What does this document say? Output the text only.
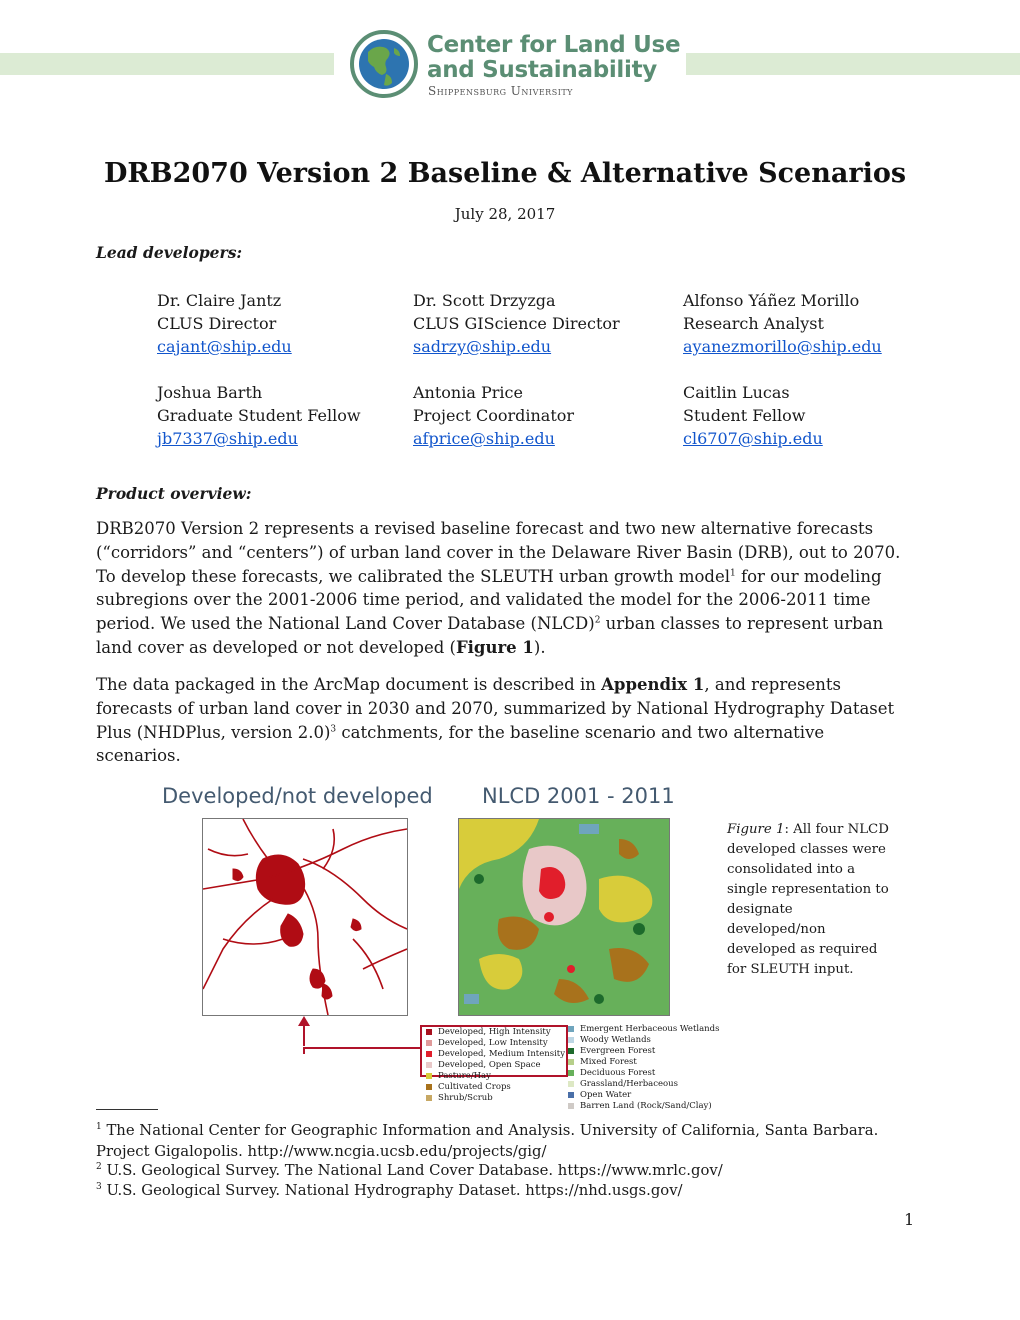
Center for Land Use
and Sustainability
Shippensburg University
DRB2070 Version 2 Baseline & Alternative Scenarios
July 28, 2017
Lead developers:
Dr. Claire Jantz
CLUS Director
cajant@ship.edu
Dr. Scott Drzyzga
CLUS GIScience Director
sadrzy@ship.edu
Alfonso Yáñez Morillo
Research Analyst
ayanezmorillo@ship.edu
Joshua Barth
Graduate Student Fellow
jb7337@ship.edu
Antonia Price
Project Coordinator
afprice@ship.edu
Caitlin Lucas
Student Fellow
cl6707@ship.edu
Product overview:

DRB2070 Version 2 represents a revised baseline forecast and two new alternative forecasts

(“corridors” and “centers”) of urban land cover in the Delaware River Basin (DRB), out to 2070.

To develop these forecasts, we calibrated the SLEUTH urban growth model$^1$ for our modeling

subregions over the 2001-2006 time period, and validated the model for the 2006-2011 time

period. We used the National Land Cover Database (NLCD)$^2$ urban classes to represent urban

land cover as developed or not developed (Figure 1).

The data packaged in the ArcMap document is described in Appendix 1, and represents

forecasts of urban land cover in 2030 and 2070, summarized by National Hydrography Dataset

Plus (NHDPlus, version 2.0)$^3$ catchments, for the baseline scenario and two alternative

scenarios.

Developed/not developed NLCD 2001 - 2011
Developed, High Intensity
Developed, Low Intensity
Developed, Medium Intensity
Developed, Open Space
Pasture/Hay
Cultivated Crops
Shrub/Scrub
Emergent Herbaceous Wetlands
Woody Wetlands
Evergreen Forest
Mixed Forest
Deciduous Forest
Grassland/Herbaceous
Open Water
Barren Land (Rock/Sand/Clay)
Figure 1: All four NLCD developed classes were consolidated into a single representation to designate developed/non developed as required for SLEUTH input.
$^1$ The National Center for Geographic Information and Analysis. University of California, Santa Barbara.
Project Gigalopolis. http://www.ncgia.ucsb.edu/projects/gig/
$^2$ U.S. Geological Survey. The National Land Cover Database. https://www.mrlc.gov/
$^3$ U.S. Geological Survey. National Hydrography Dataset. https://nhd.usgs.gov/
1
